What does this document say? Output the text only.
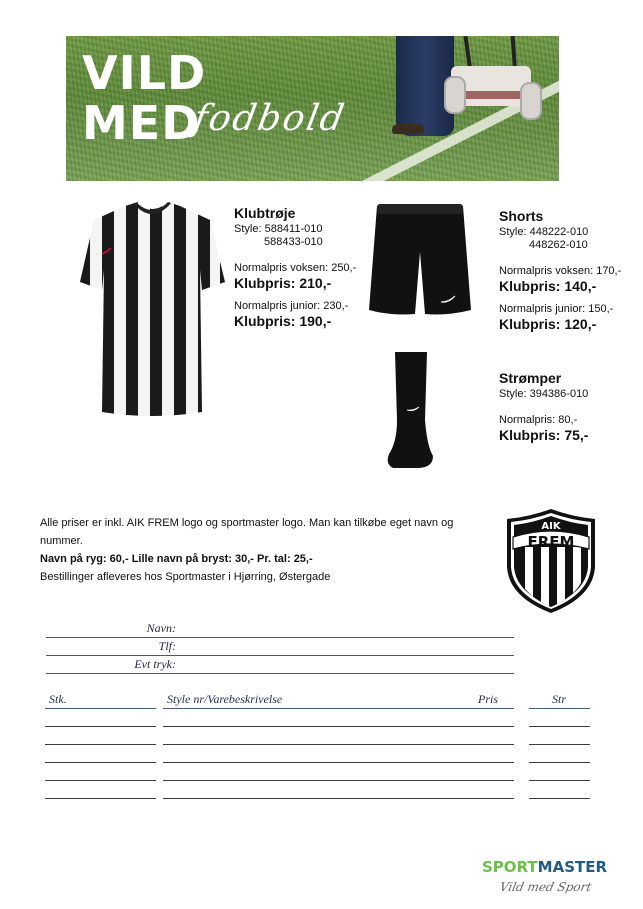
VILD
MED
fodbold
Klubtrøje
Style: 588411-010
588433-010
Normalpris voksen: 250,-
Klubpris: 210,-
Normalpris junior: 230,-
Klubpris: 190,-
Shorts
Style: 448222-010
448262-010
Normalpris voksen: 170,-
Klubpris: 140,-
Normalpris junior: 150,-
Klubpris: 120,-
Strømper
Style: 394386-010
Normalpris: 80,-
Klubpris: 75,-
Alle priser er inkl. AIK FREM logo og sportmaster logo. Man kan tilkøbe eget navn og nummer.
Navn på ryg: 60,- Lille navn på bryst: 30,- Pr. tal: 25,-
Bestillinger afleveres hos Sportmaster i Hjørring, Østergade
AIK
FREM
Navn:
Tlf:
Evt tryk:
Stk.	Style nr/Varebeskrivelse	Pris	Str
SPORTMASTER
Vild med Sport
